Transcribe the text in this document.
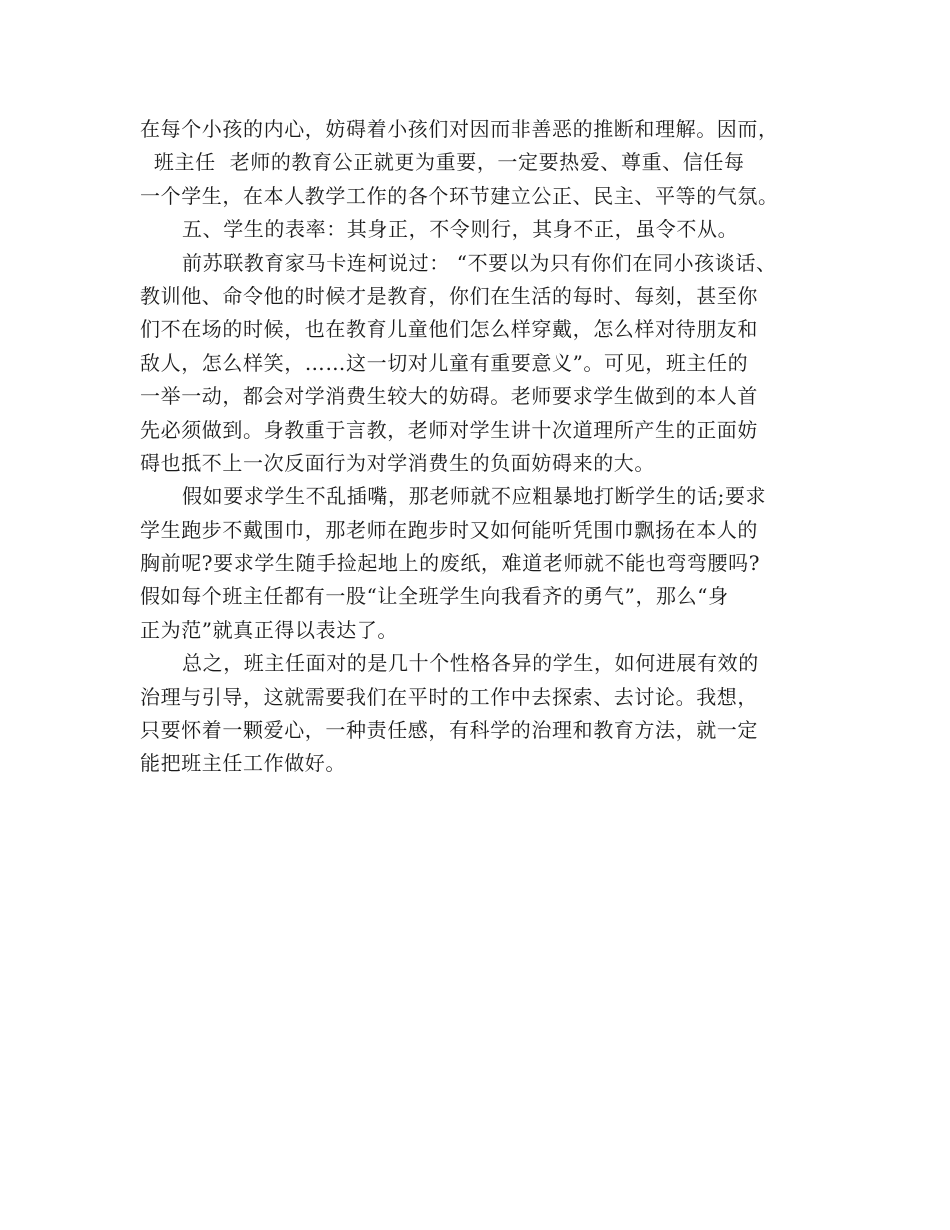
在每个小孩的内心，妨碍着小孩们对因而非善恶的推断和理解。因而，
班主任  老师的教育公正就更为重要，一定要热爱、尊重、信任每
一个学生，在本人教学工作的各个环节建立公正、民主、平等的气氛。
五、学生的表率：其身正，不令则行，其身不正，虽令不从。
前苏联教育家马卡连柯说过： “不要以为只有你们在同小孩谈话、
教训他、命令他的时候才是教育，你们在生活的每时、每刻，甚至你
们不在场的时候，也在教育儿童他们怎么样穿戴，怎么样对待朋友和
敌人，怎么样笑，……这一切对儿童有重要意义”。可见，班主任的
一举一动，都会对学消费生较大的妨碍。老师要求学生做到的本人首
先必须做到。身教重于言教，老师对学生讲十次道理所产生的正面妨
碍也抵不上一次反面行为对学消费生的负面妨碍来的大。
假如要求学生不乱插嘴，那老师就不应粗暴地打断学生的话;要求
学生跑步不戴围巾，那老师在跑步时又如何能听凭围巾飘扬在本人的
胸前呢?要求学生随手捡起地上的废纸，难道老师就不能也弯弯腰吗?
假如每个班主任都有一股“让全班学生向我看齐的勇气”，那么“身
正为范”就真正得以表达了。
总之，班主任面对的是几十个性格各异的学生，如何进展有效的
治理与引导，这就需要我们在平时的工作中去探索、去讨论。我想，
只要怀着一颗爱心，一种责任感，有科学的治理和教育方法，就一定
能把班主任工作做好。
